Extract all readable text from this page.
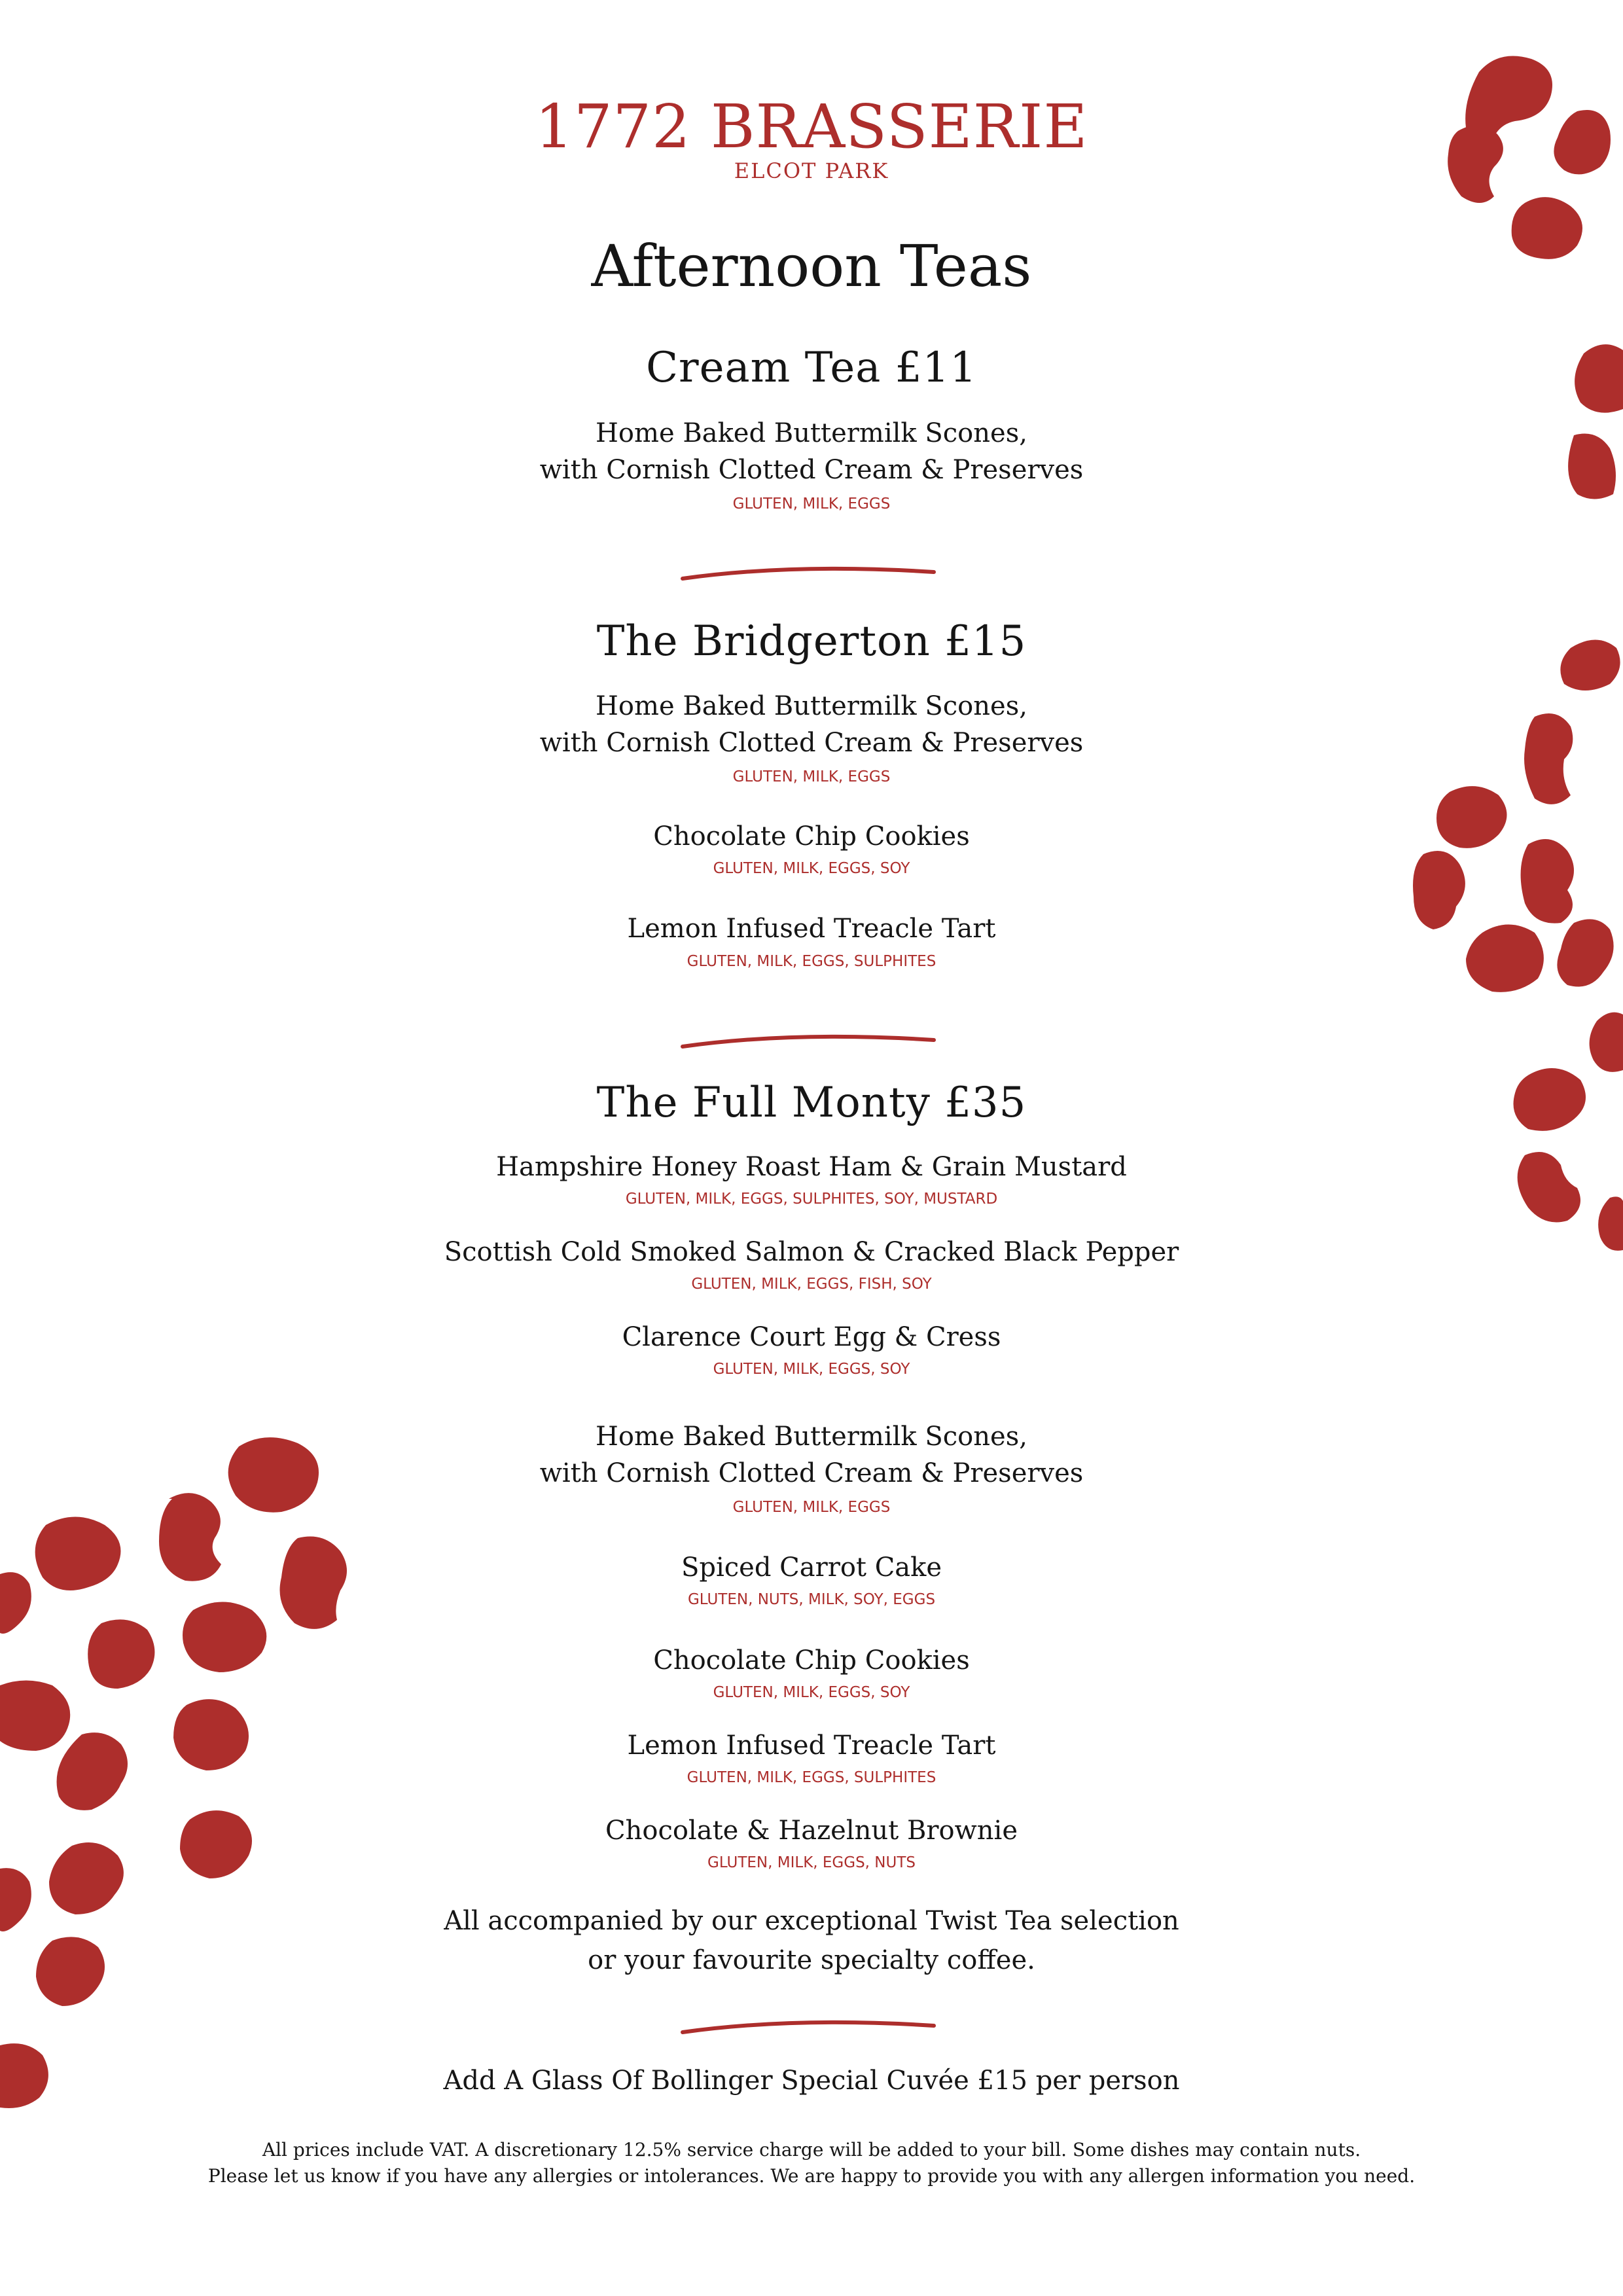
1772 BRASSERIE
ELCOT PARK
Afternoon Teas
Cream Tea £11
Home Baked Buttermilk Scones,
with Cornish Clotted Cream & Preserves
GLUTEN, MILK, EGGS
The Bridgerton £15
Home Baked Buttermilk Scones,
with Cornish Clotted Cream & Preserves
GLUTEN, MILK, EGGS
Chocolate Chip Cookies
GLUTEN, MILK, EGGS, SOY
Lemon Infused Treacle Tart
GLUTEN, MILK, EGGS, SULPHITES
The Full Monty £35
Hampshire Honey Roast Ham & Grain Mustard
GLUTEN, MILK, EGGS, SULPHITES, SOY, MUSTARD
Scottish Cold Smoked Salmon & Cracked Black Pepper
GLUTEN, MILK, EGGS, FISH, SOY
Clarence Court Egg & Cress
GLUTEN, MILK, EGGS, SOY
Home Baked Buttermilk Scones,
with Cornish Clotted Cream & Preserves
GLUTEN, MILK, EGGS
Spiced Carrot Cake
GLUTEN, NUTS, MILK, SOY, EGGS
Chocolate Chip Cookies
GLUTEN, MILK, EGGS, SOY
Lemon Infused Treacle Tart
GLUTEN, MILK, EGGS, SULPHITES
Chocolate & Hazelnut Brownie
GLUTEN, MILK, EGGS, NUTS
All accompanied by our exceptional Twist Tea selection
or your favourite specialty coffee.
Add A Glass Of Bollinger Special Cuvée £15 per person
All prices include VAT. A discretionary 12.5% service charge will be added to your bill. Some dishes may contain nuts.
Please let us know if you have any allergies or intolerances. We are happy to provide you with any allergen information you need.
